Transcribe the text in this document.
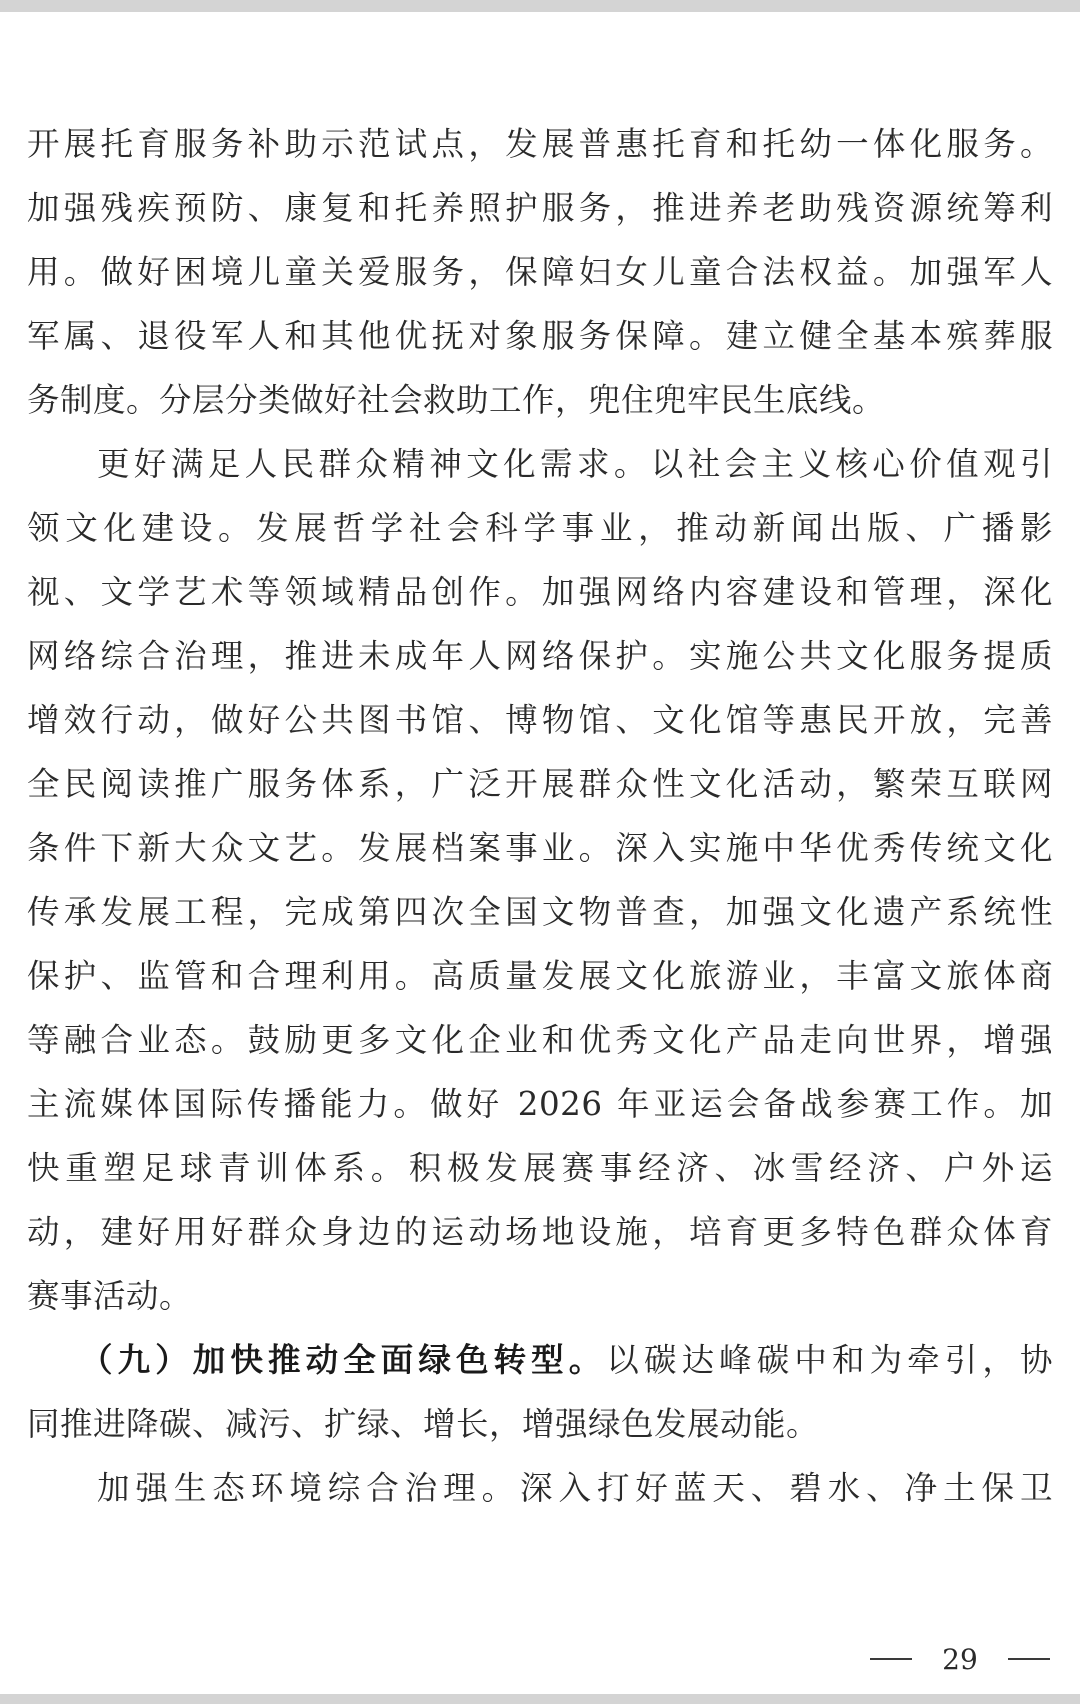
开展托育服务补助示范试点，发展普惠托育和托幼一体化服务。
加强残疾预防、康复和托养照护服务，推进养老助残资源统筹利
用。做好困境儿童关爱服务，保障妇女儿童合法权益。加强军人
军属、退役军人和其他优抚对象服务保障。建立健全基本殡葬服
务制度。分层分类做好社会救助工作，兜住兜牢民生底线。
更好满足人民群众精神文化需求。以社会主义核心价值观引
领文化建设。发展哲学社会科学事业，推动新闻出版、广播影
视、文学艺术等领域精品创作。加强网络内容建设和管理，深化
网络综合治理，推进未成年人网络保护。实施公共文化服务提质
增效行动，做好公共图书馆、博物馆、文化馆等惠民开放，完善
全民阅读推广服务体系，广泛开展群众性文化活动，繁荣互联网
条件下新大众文艺。发展档案事业。深入实施中华优秀传统文化
传承发展工程，完成第四次全国文物普查，加强文化遗产系统性
保护、监管和合理利用。高质量发展文化旅游业，丰富文旅体商
等融合业态。鼓励更多文化企业和优秀文化产品走向世界，增强
主流媒体国际传播能力。做好 2026 年亚运会备战参赛工作。加
快重塑足球青训体系。积极发展赛事经济、冰雪经济、户外运
动，建好用好群众身边的运动场地设施，培育更多特色群众体育
赛事活动。
（九）加快推动全面绿色转型。以碳达峰碳中和为牵引，协
同推进降碳、减污、扩绿、增长，增强绿色发展动能。
加强生态环境综合治理。深入打好蓝天、碧水、净土保卫
29
